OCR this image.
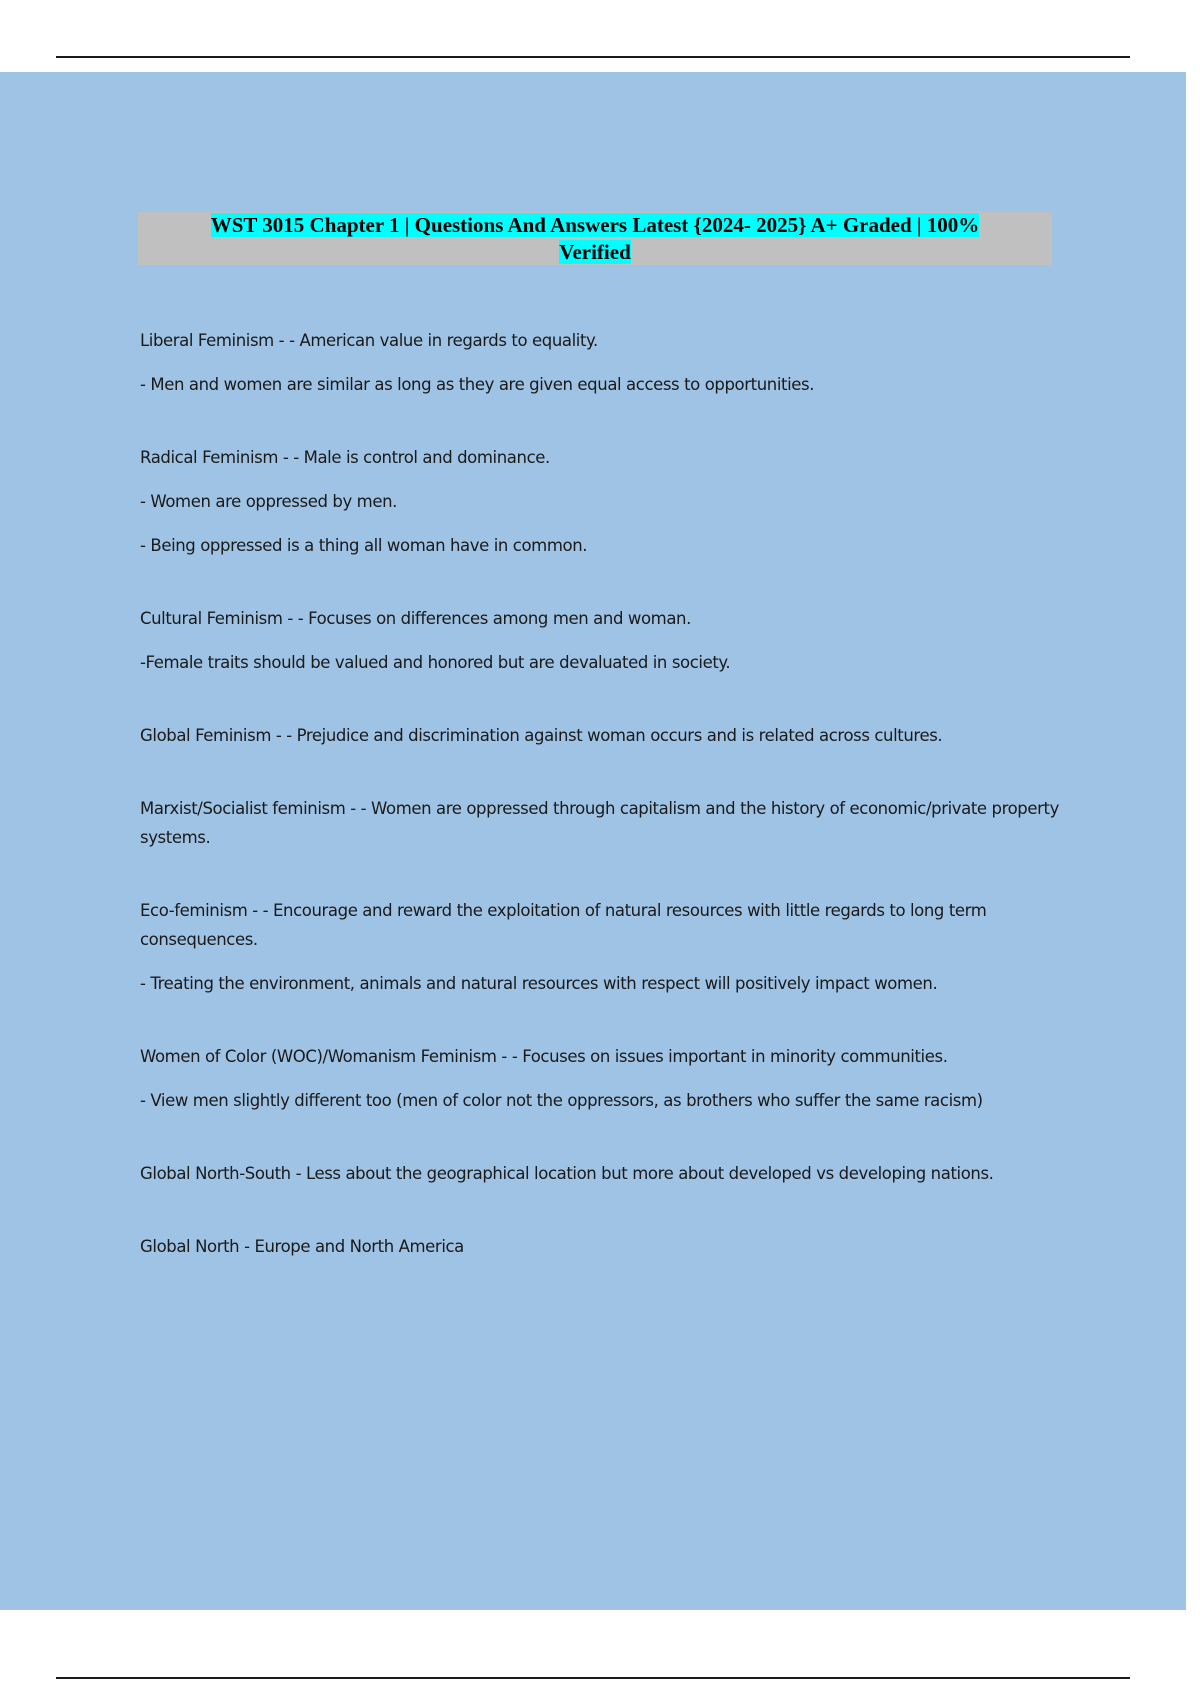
WST 3015 Chapter 1 | Questions And Answers Latest {2024- 2025} A+ Graded | 100%
Verified
Liberal Feminism - - American value in regards to equality.
- Men and women are similar as long as they are given equal access to opportunities.
Radical Feminism - - Male is control and dominance.
- Women are oppressed by men.
- Being oppressed is a thing all woman have in common.
Cultural Feminism - - Focuses on differences among men and woman.
-Female traits should be valued and honored but are devaluated in society.
Global Feminism - - Prejudice and discrimination against woman occurs and is related across cultures.
Marxist/Socialist feminism - - Women are oppressed through capitalism and the history of economic/private property systems.
Eco-feminism - - Encourage and reward the exploitation of natural resources with little regards to long term consequences.
- Treating the environment, animals and natural resources with respect will positively impact women.
Women of Color (WOC)/Womanism Feminism - - Focuses on issues important in minority communities.
- View men slightly different too (men of color not the oppressors, as brothers who suffer the same racism)
Global North-South - Less about the geographical location but more about developed vs developing nations.
Global North - Europe and North America
